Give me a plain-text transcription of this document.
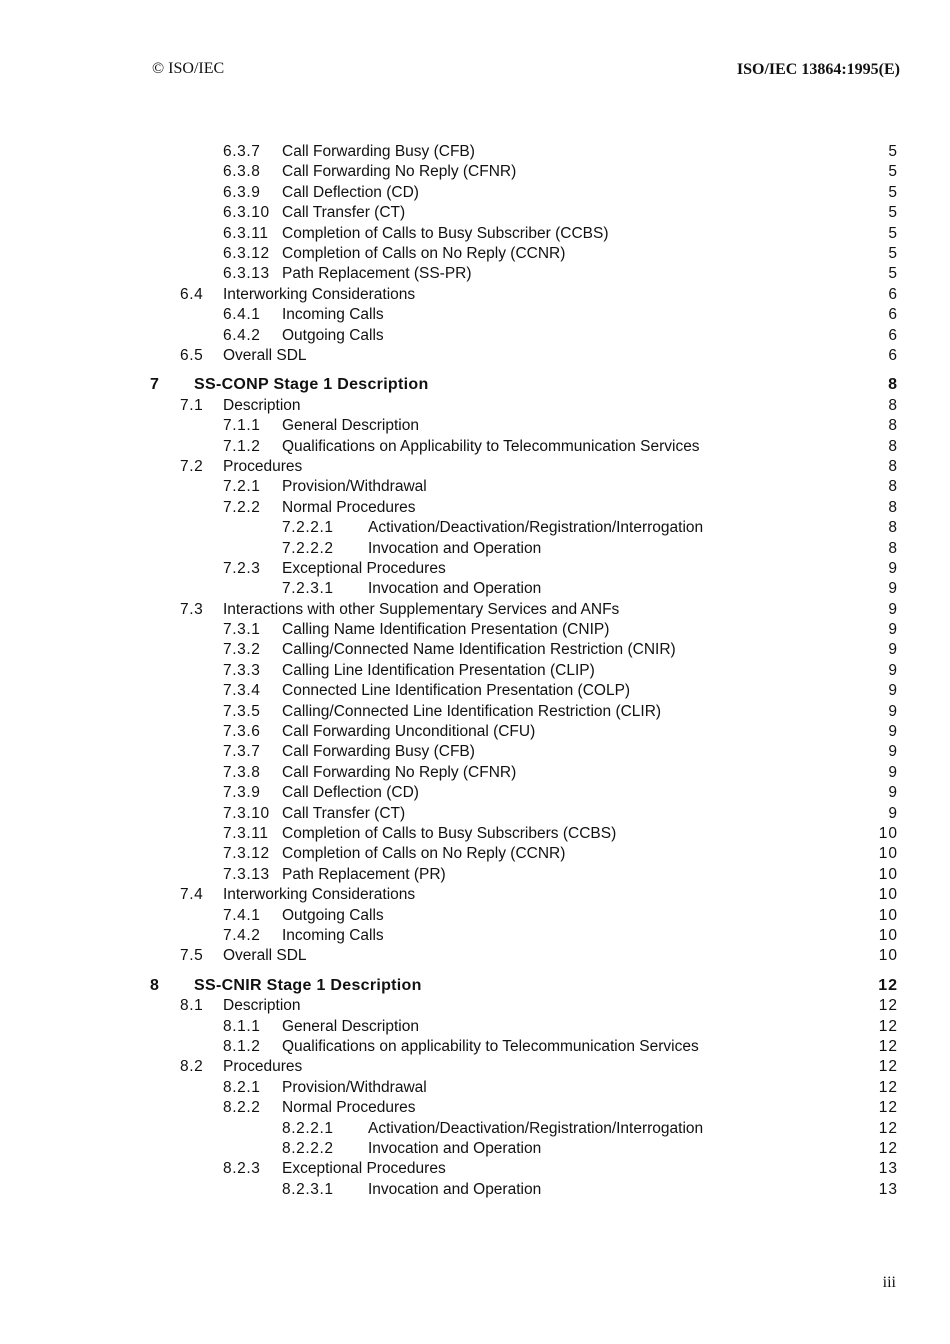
© ISO/IEC	ISO/IEC 13864:1995(E)
6.3.7 Call Forwarding Busy (CFB)	5
6.3.8 Call Forwarding No Reply (CFNR)	5
6.3.9 Call Deflection (CD)	5
6.3.10 Call Transfer (CT)	5
6.3.11 Completion of Calls to Busy Subscriber (CCBS)	5
6.3.12 Completion of Calls on No Reply (CCNR)	5
6.3.13 Path Replacement (SS-PR)	5
6.4 Interworking Considerations	6
6.4.1 Incoming Calls	6
6.4.2 Outgoing Calls	6
6.5 Overall SDL	6
7 SS-CONP Stage 1 Description	8
7.1 Description	8
7.1.1 General Description	8
7.1.2 Qualifications on Applicability to Telecommunication Services	8
7.2 Procedures	8
7.2.1 Provision/Withdrawal	8
7.2.2 Normal Procedures	8
7.2.2.1 Activation/Deactivation/Registration/Interrogation	8
7.2.2.2 Invocation and Operation	8
7.2.3 Exceptional Procedures	9
7.2.3.1 Invocation and Operation	9
7.3 Interactions with other Supplementary Services and ANFs	9
7.3.1 Calling Name Identification Presentation (CNIP)	9
7.3.2 Calling/Connected Name Identification Restriction (CNIR)	9
7.3.3 Calling Line Identification Presentation (CLIP)	9
7.3.4 Connected Line Identification Presentation (COLP)	9
7.3.5 Calling/Connected Line Identification Restriction (CLIR)	9
7.3.6 Call Forwarding Unconditional (CFU)	9
7.3.7 Call Forwarding Busy (CFB)	9
7.3.8 Call Forwarding No Reply (CFNR)	9
7.3.9 Call Deflection (CD)	9
7.3.10 Call Transfer (CT)	9
7.3.11 Completion of Calls to Busy Subscribers (CCBS)	10
7.3.12 Completion of Calls on No Reply (CCNR)	10
7.3.13 Path Replacement (PR)	10
7.4 Interworking Considerations	10
7.4.1 Outgoing Calls	10
7.4.2 Incoming Calls	10
7.5 Overall SDL	10
8 SS-CNIR Stage 1 Description	12
8.1 Description	12
8.1.1 General Description	12
8.1.2 Qualifications on applicability to Telecommunication Services	12
8.2 Procedures	12
8.2.1 Provision/Withdrawal	12
8.2.2 Normal Procedures	12
8.2.2.1 Activation/Deactivation/Registration/Interrogation	12
8.2.2.2 Invocation and Operation	12
8.2.3 Exceptional Procedures	13
8.2.3.1 Invocation and Operation	13
iii
